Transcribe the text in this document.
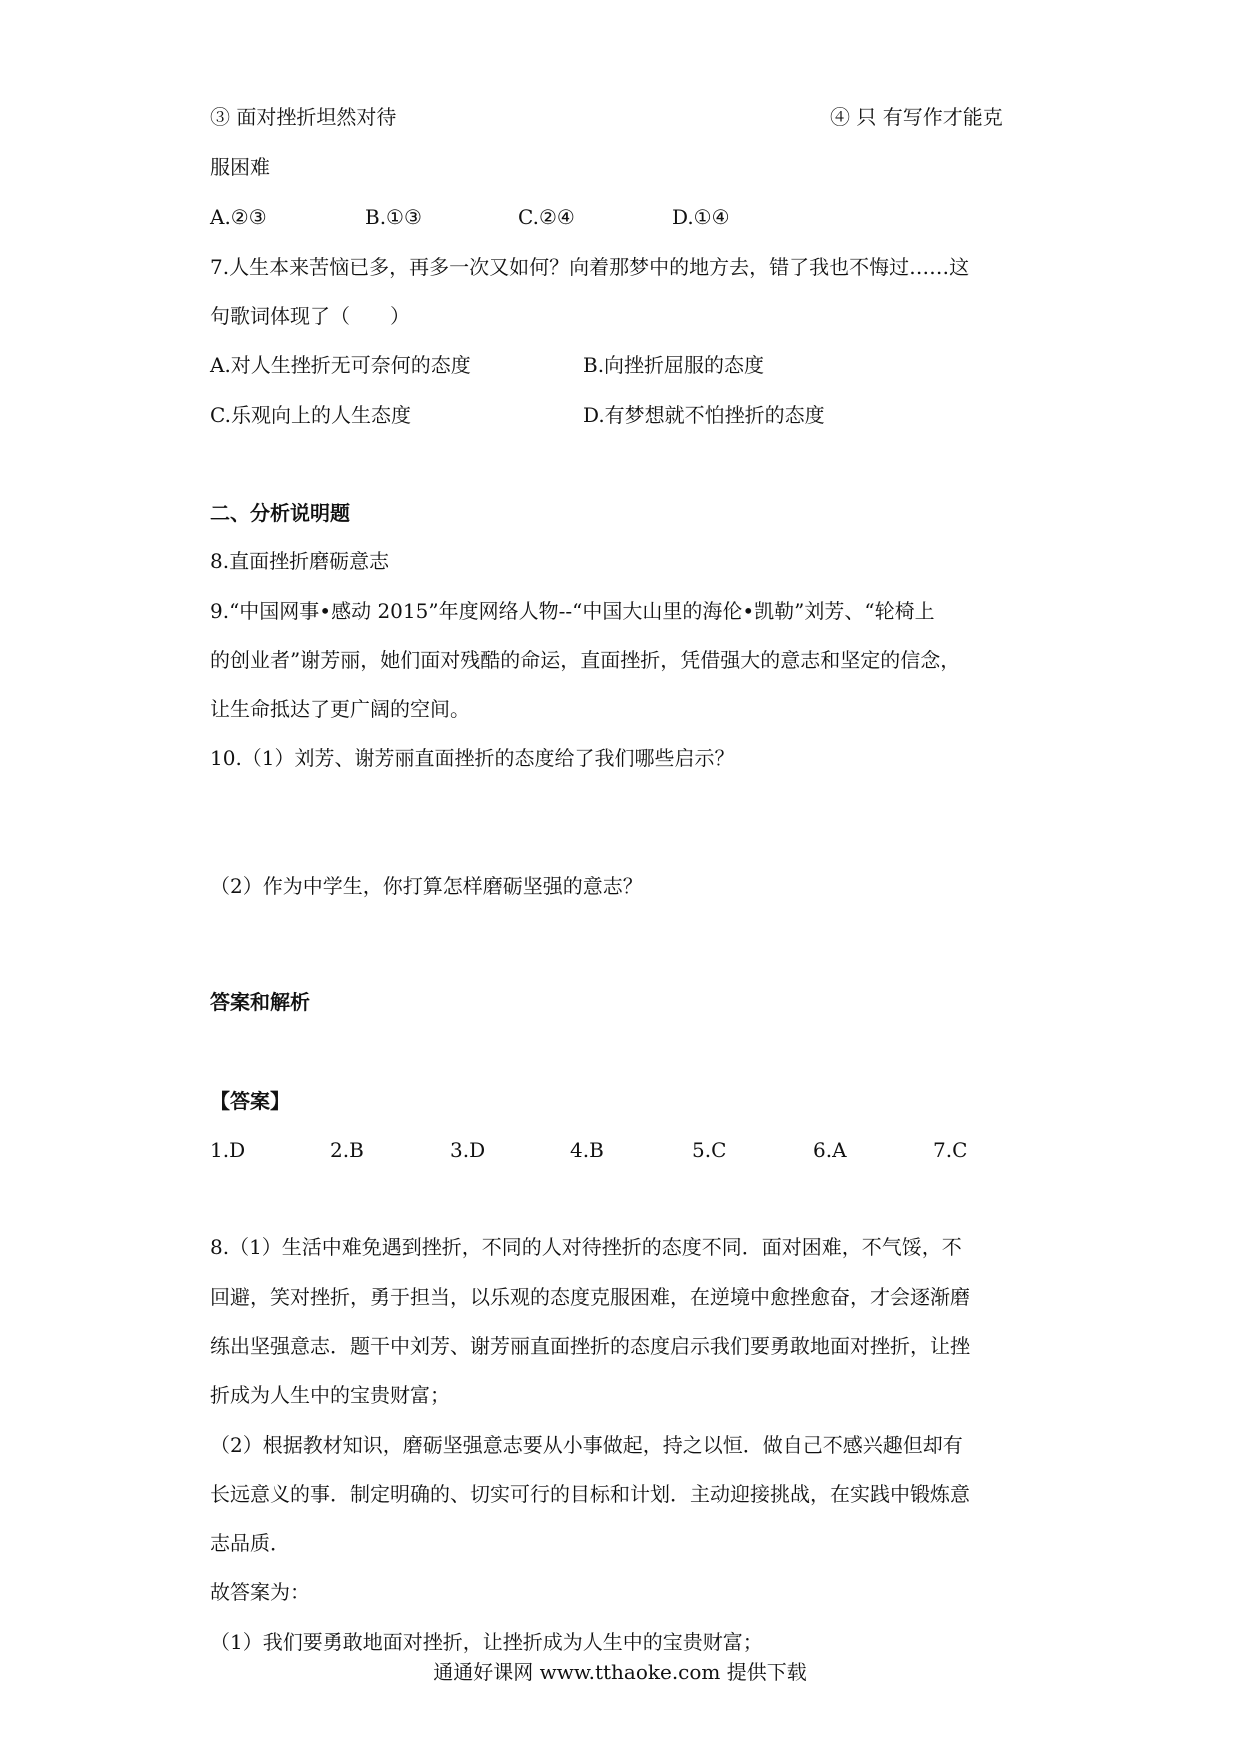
③ 面对挫折坦然对待	④ 只 有写作才能克
服困难
A.②③	B.①③	C.②④	D.①④
7.人生本来苦恼已多，再多一次又如何？向着那梦中的地方去，错了我也不悔过……这
句歌词体现了（　　）
A.对人生挫折无可奈何的态度	B.向挫折屈服的态度
C.乐观向上的人生态度	D.有梦想就不怕挫折的态度
二、分析说明题
8.直面挫折磨砺意志
9.“中国网事•感动 2015”年度网络人物--“中国大山里的海伦•凯勒”刘芳、“轮椅上
的创业者”谢芳丽，她们面对残酷的命运，直面挫折，凭借强大的意志和坚定的信念，
让生命抵达了更广阔的空间。
10.（1）刘芳、谢芳丽直面挫折的态度给了我们哪些启示？
（2）作为中学生，你打算怎样磨砺坚强的意志？
答案和解析
【答案】
1.D	2.B	3.D	4.B	5.C	6.A	7.C
8.（1）生活中难免遇到挫折，不同的人对待挫折的态度不同．面对困难，不气馁，不
回避，笑对挫折，勇于担当，以乐观的态度克服困难，在逆境中愈挫愈奋，才会逐渐磨
练出坚强意志．题干中刘芳、谢芳丽直面挫折的态度启示我们要勇敢地面对挫折，让挫
折成为人生中的宝贵财富；
（2）根据教材知识，磨砺坚强意志要从小事做起，持之以恒．做自己不感兴趣但却有
长远意义的事．制定明确的、切实可行的目标和计划．主动迎接挑战，在实践中锻炼意
志品质．
故答案为：
（1）我们要勇敢地面对挫折，让挫折成为人生中的宝贵财富；
通通好课网 www.tthaoke.com 提供下载
